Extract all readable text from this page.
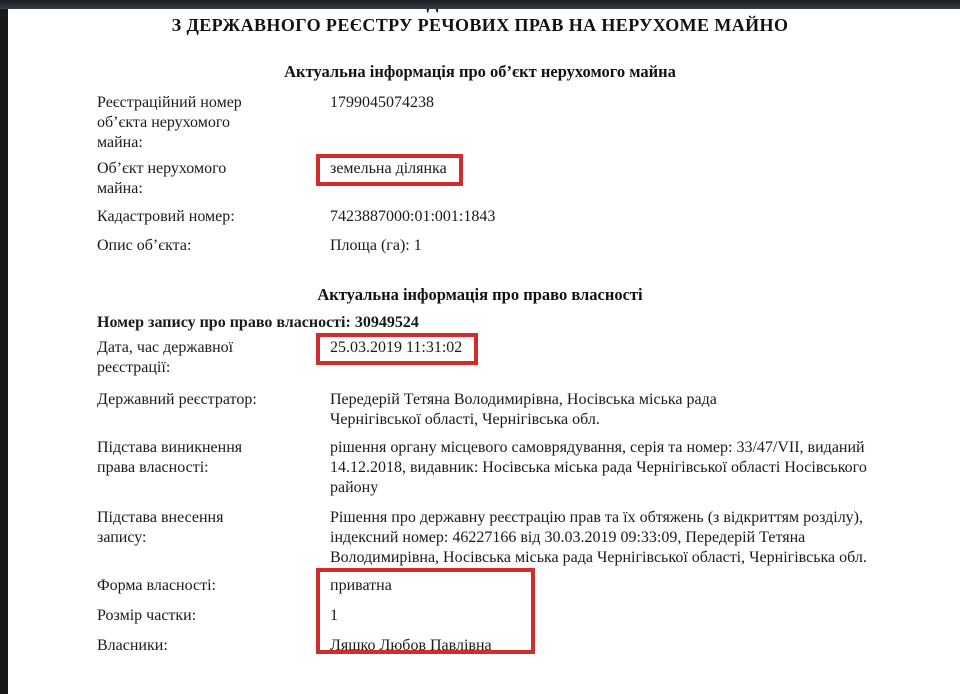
З ДЕРЖАВНОГО РЕЄСТРУ РЕЧОВИХ ПРАВ НА НЕРУХОМЕ МАЙНО
Актуальна інформація про об’єкт нерухомого майна
Реєстраційний номер об’єкта нерухомого майна:
1799045074238
Об’єкт нерухомого майна:
земельна ділянка
Кадастровий номер:	7423887000:01:001:1843
Опис об’єкта:	Площа (га): 1
Актуальна інформація про право власності
Номер запису про право власності: 30949524
Дата, час державної реєстрації:
25.03.2019 11:31:02
Державний реєстратор:	Передерій Тетяна Володимирівна, Носівська міська рада Чернігівської області, Чернігівська обл.
Підстава виникнення права власності:
рішення органу місцевого самоврядування, серія та номер: 33/47/VII, виданий 14.12.2018, видавник: Носівська міська рада Чернігівської області Носівського району
Підстава внесення запису:
Рішення про державну реєстрацію прав та їх обтяжень (з відкриттям розділу), індексний номер: 46227166 від 30.03.2019 09:33:09, Передерій Тетяна Володимирівна, Носівська міська рада Чернігівської області, Чернігівська обл.
Форма власності:	приватна
Розмір частки:	1
Власники:	Ляшко Любов Павлівна
